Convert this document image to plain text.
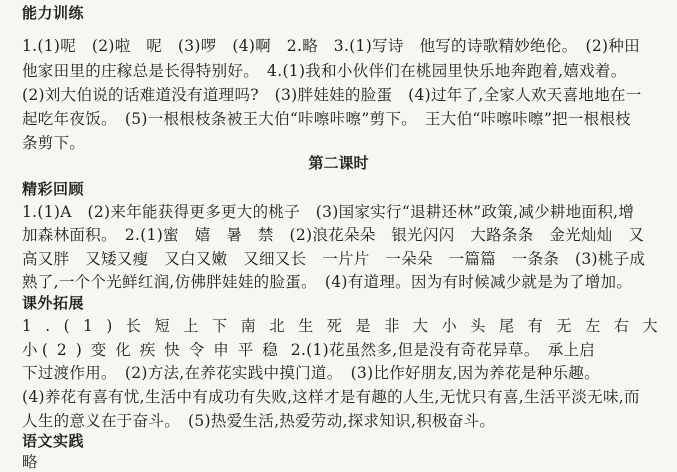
能力训练
1.(1)呢　(2)啦　呢　(3)啰　(4)啊　2.略　3.(1)写诗　他写的诗歌精妙绝伦。　(2)种田
他家田里的庄稼总是长得特别好。　4.(1)我和小伙伴们在桃园里快乐地奔跑着,嬉戏着。
(2)刘大伯说的话难道没有道理吗?　(3)胖娃娃的脸蛋　(4)过年了,全家人欢天喜地地在一
起吃年夜饭。　(5)一根根枝条被王大伯“咔嚓咔嚓”剪下。　王大伯“咔嚓咔嚓”把一根根枝
条剪下。
第二课时
精彩回顾
1.(1)A　(2)来年能获得更多更大的桃子　(3)国家实行“退耕还林”政策,减少耕地面积,增
加森林面积。　2.(1)蜜　嬉　暑　禁　(2)浪花朵朵　银光闪闪　大路条条　金光灿灿　又
高又胖　又矮又瘦　又白又嫩　又细又长　一片片　一朵朵　一篇篇　一条条　(3)桃子成
熟了,一个个光鲜红润,仿佛胖娃娃的脸蛋。　(4)有道理。因为有时候减少就是为了增加。
课外拓展
1.(1)长短上下南北生死是非大小头尾有无左右大
小 (2)变化疾快令申平稳 2.(1)花虽然多,但是没有奇花异草。　承上启
下过渡作用。　(2)方法,在养花实践中摸门道。　(3)比作好朋友,因为养花是种乐趣。
(4)养花有喜有忧,生活中有成功有失败,这样才是有趣的人生,无忧只有喜,生活平淡无味,而
人生的意义在于奋斗。　(5)热爱生活,热爱劳动,探求知识,积极奋斗。
语文实践
略
